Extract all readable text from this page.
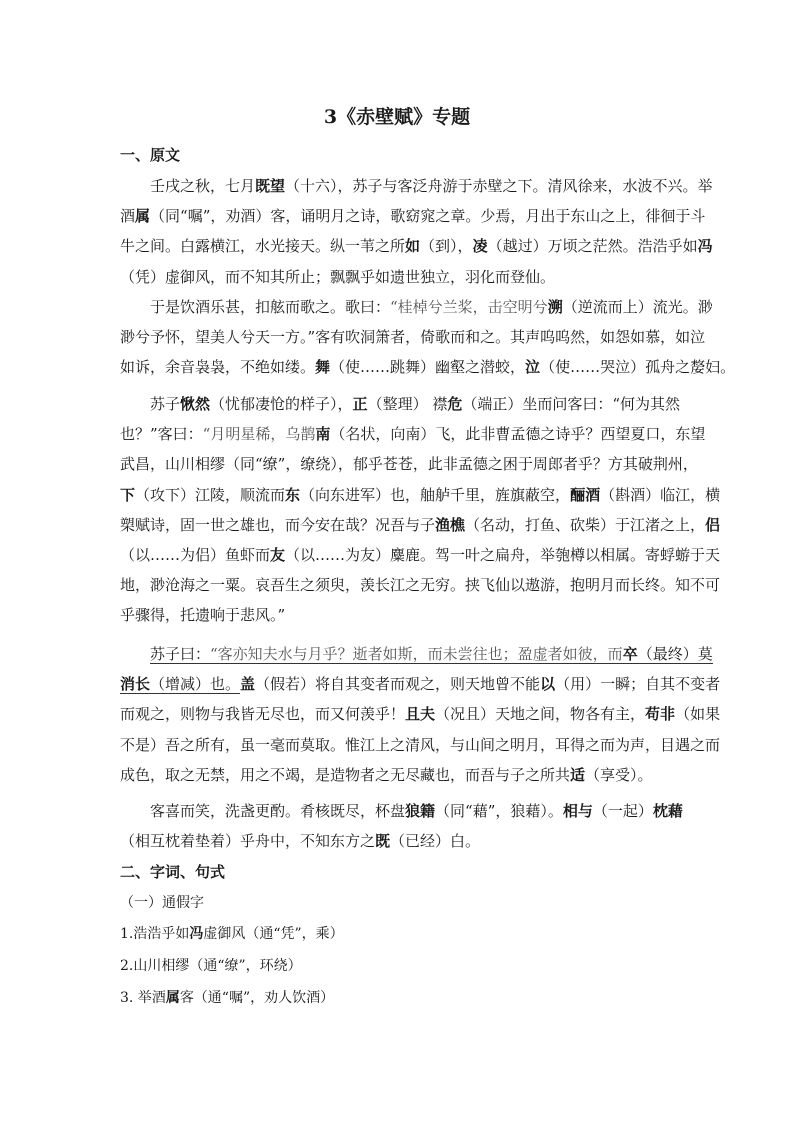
3《赤壁赋》专题
一、原文
壬戌之秋，七月既望（十六），苏子与客泛舟游于赤壁之下。清风徐来，水波不兴。举
酒属（同“嘱”，劝酒）客，诵明月之诗，歌窈窕之章。少焉，月出于东山之上，徘徊于斗
牛之间。白露横江，水光接天。纵一苇之所如（到），凌（越过）万顷之茫然。浩浩乎如冯
（凭）虚御风，而不知其所止；飘飘乎如遗世独立，羽化而登仙。
于是饮酒乐甚，扣舷而歌之。歌曰：“桂棹兮兰桨，击空明兮溯（逆流而上）流光。渺
渺兮予怀，望美人兮天一方。”客有吹洞箫者，倚歌而和之。其声呜呜然，如怨如慕，如泣
如诉，余音袅袅，不绝如缕。舞（使……跳舞）幽壑之潜蛟，泣（使……哭泣）孤舟之嫠妇。
苏子愀然（忧郁凄怆的样子），正（整理） 襟危（端正）坐而问客曰：“何为其然
也？”客曰：“月明星稀，乌鹊南（名状，向南）飞，此非曹孟德之诗乎？西望夏口，东望
武昌，山川相缪（同“缭”，缭绕），郁乎苍苍，此非孟德之困于周郎者乎？方其破荆州，
下（攻下）江陵，顺流而东（向东进军）也，舳舻千里，旌旗蔽空，酾酒（斟酒）临江，横
槊赋诗，固一世之雄也，而今安在哉？况吾与子渔樵（名动，打鱼、砍柴）于江渚之上，侣
（以……为侣）鱼虾而友（以……为友）麋鹿。驾一叶之扁舟，举匏樽以相属。寄蜉蝣于天
地，渺沧海之一粟。哀吾生之须臾，羡长江之无穷。挟飞仙以遨游，抱明月而长终。知不可
乎骤得，托遗响于悲风。”
苏子曰：“客亦知夫水与月乎？逝者如斯，而未尝往也；盈虚者如彼，而卒（最终）莫
消长（增减）也。盖（假若）将自其变者而观之，则天地曾不能以（用）一瞬；自其不变者
而观之，则物与我皆无尽也，而又何羡乎！且夫（况且）天地之间，物各有主，苟非（如果
不是）吾之所有，虽一毫而莫取。惟江上之清风，与山间之明月，耳得之而为声，目遇之而
成色，取之无禁，用之不竭，是造物者之无尽藏也，而吾与子之所共适（享受）。
客喜而笑，洗盏更酌。肴核既尽，杯盘狼籍（同“藉”，狼藉）。相与（一起）枕藉
（相互枕着垫着）乎舟中，不知东方之既（已经）白。
二、字词、句式
（一）通假字
1.浩浩乎如冯虚御风（通“凭”，乘）
2.山川相缪（通“缭”，环绕）
3. 举酒属客（通“嘱”，劝人饮酒）
